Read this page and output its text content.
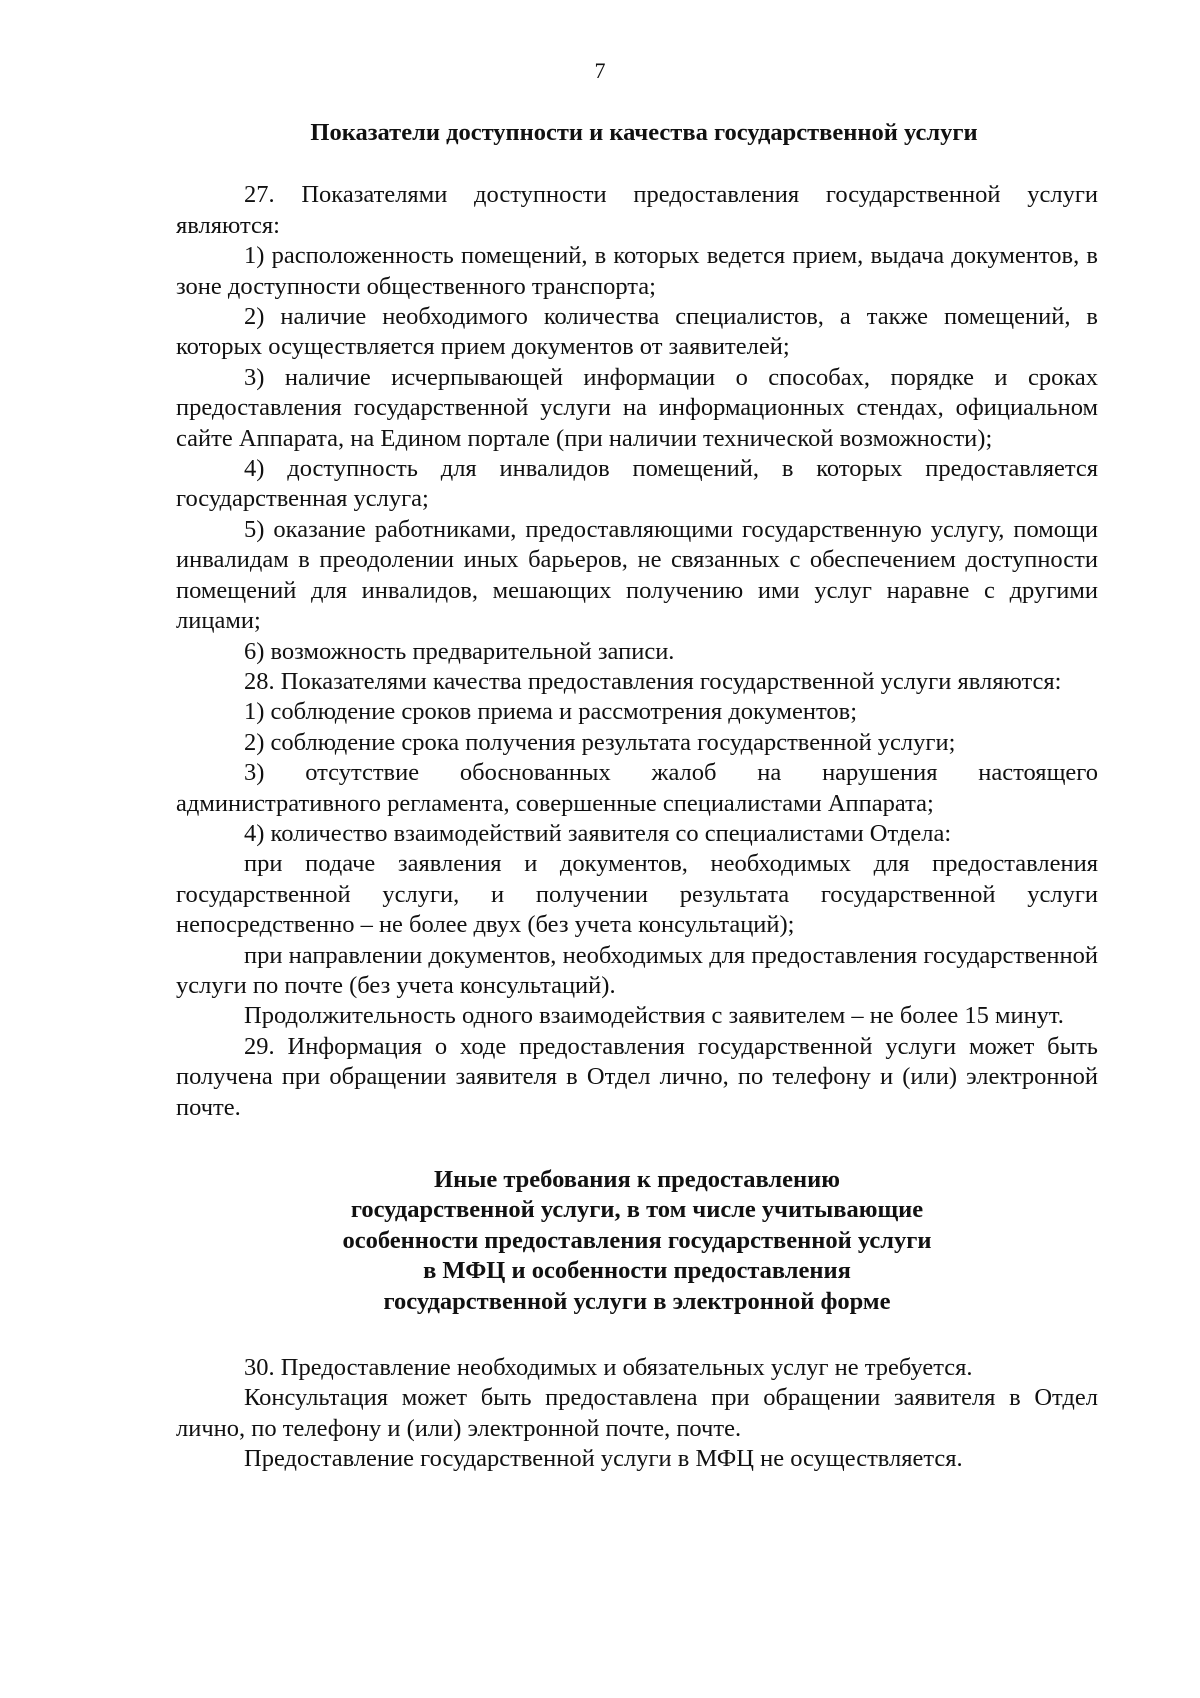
7

Показатели доступности и качества государственной услуги

27. Показателями доступности предоставления государственной услуги являются:

1) расположенность помещений, в которых ведется прием, выдача документов, в зоне доступности общественного транспорта;

2) наличие необходимого количества специалистов, а также помещений, в которых осуществляется прием документов от заявителей;

3) наличие исчерпывающей информации о способах, порядке и сроках предоставления государственной услуги на информационных стендах, официальном сайте Аппарата, на Едином портале (при наличии технической возможности);

4) доступность для инвалидов помещений, в которых предоставляется государственная услуга;

5) оказание работниками, предоставляющими государственную услугу, помощи инвалидам в преодолении иных барьеров, не связанных с обеспечением доступности помещений для инвалидов, мешающих получению ими услуг наравне с другими лицами;

6) возможность предварительной записи.

28. Показателями качества предоставления государственной услуги являются:

1) соблюдение сроков приема и рассмотрения документов;

2) соблюдение срока получения результата государственной услуги;

3) отсутствие обоснованных жалоб на нарушения настоящего административного регламента, совершенные специалистами Аппарата;

4) количество взаимодействий заявителя со специалистами Отдела:

при подаче заявления и документов, необходимых для предоставления государственной услуги, и получении результата государственной услуги непосредственно – не более двух (без учета консультаций);

при направлении документов, необходимых для предоставления государственной услуги по почте (без учета консультаций).

Продолжительность одного взаимодействия с заявителем – не более 15 минут.

29. Информация о ходе предоставления государственной услуги может быть получена при обращении заявителя в Отдел лично, по телефону и (или) электронной почте.

Иные требования к предоставлению
государственной услуги, в том числе учитывающие
особенности предоставления государственной услуги
в МФЦ и особенности предоставления
государственной услуги в электронной форме

30. Предоставление необходимых и обязательных услуг не требуется.

Консультация может быть предоставлена при обращении заявителя в Отдел лично, по телефону и (или) электронной почте, почте.

Предоставление государственной услуги в МФЦ не осуществляется.
